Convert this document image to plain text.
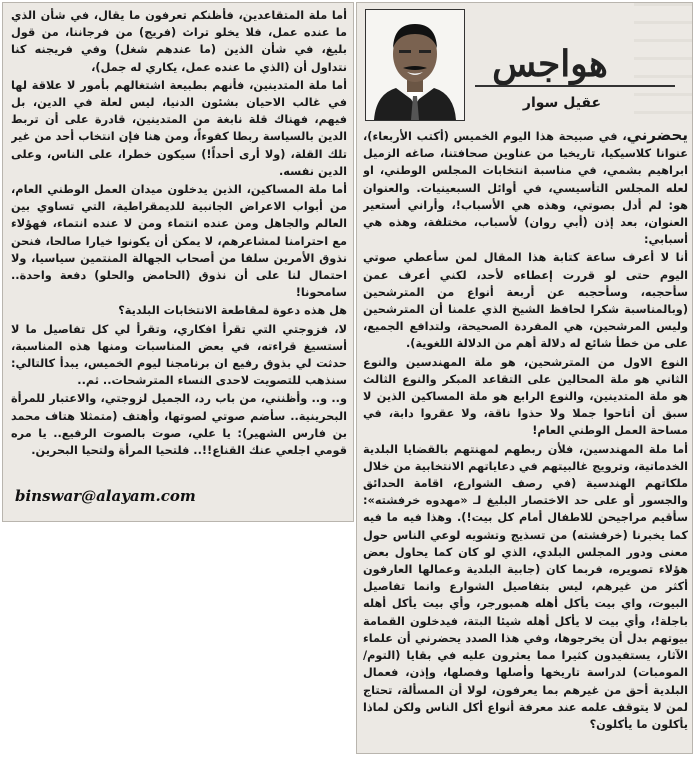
أما ملة المتقاعدين، فأظنكم تعرفون ما يقال، في شأن الذي ما عنده عمل، فلا يخلو تراث (فريج) من فرجاننا، من قول بليغ، في شأن الذين (ما عندهم شغل) وفي فريجنه كنا نتداول أن (الذي ما عنده عمل، يكاري له جمل)،

أما ملة المتدينين، فأنهم بطبيعة اشتغالهم بأمور لا علاقة لها في غالب الاحيان بشئون الدنيا، ليس لعلة في الدين، بل فيهم، فهناك قلة نابغة من المتدينين، قادرة على أن تربط الدين بالسياسة ربطا كفوءاً، ومن هنا فإن انتخاب أحد من غير تلك القلة، (ولا أرى أحداً!) سيكون خطرا، على الناس، وعلى الدين نفسه.

أما ملة المساكين، الذين يدخلون ميدان العمل الوطني العام، من أبواب الاعراض الجانبية للديمقراطية، التي تساوي بين العالم والجاهل ومن عنده انتماء ومن لا عنده انتماء، فهؤلاء مع احترامنا لمشاعرهم، لا يمكن أن يكونوا خيارا صالحا، فنحن نذوق الأمرين سلفا من أصحاب الجهالة المنتمين سياسيا، ولا احتمال لنا على أن نذوق (الحامض والحلو) دفعة واحدة.. سامحونا!

هل هذه دعوة لمقاطعة الانتخابات البلدية؟

لا، فزوجتي التي تقرأ افكاري، وتقرأ لي كل تفاصيل ما لا أستسيغ قراءته، في بعض المناسبات ومنها هذه المناسبة، حدثت لي بذوق رفيع ان برنامجنا ليوم الخميس، يبدأ كالتالي: سنذهب للتصويت لاحدى النساء المترشحات.. ثم..

و.. و.. وأظنني، من باب رد، الجميل لزوجتي، والاعتبار للمرأة البحرينية.. سأضم صوتي لصوتها، وأهتف (متمثلا هتاف محمد بن فارس الشهير): يا علي، صوت بالصوت الرفيع.. يا مره قومي اجلعي عنك القناع!!.. فلتحيا المرأة ولتحيا البحرين.

binswar@alayam.com
هواجس
عقيل سوار

يحضرني، في صبيحة هذا اليوم الخميس (أكتب الأربعاء)، عنوانا كلاسيكيا، تاريخيا من عناوين صحافتنا، صاغه الزميل ابراهيم بشمي، في مناسبة انتخابات المجلس الوطني، او لعله المجلس التأسيسي، في أوائل السبعينيات. والعنوان هو: لم أدل بصوتي، وهذه هي الأسباب!، وأراني أستعير العنوان، بعد إذن (أبي روان) لأسباب، مختلفة، وهذه هي أسبابي:

أنا لا أعرف ساعة كتابة هذا المقال لمن سأعطي صوتي اليوم حتى لو قررت إعطاءه لأحد، لكني أعرف عمن سأحجبه، وسأحجبه عن أربعة أنواع من المترشحين (وبالمناسبة شكرا لحافظ الشيخ الذي علمنا أن المترشحين وليس المرشحين، هي المفردة الصحيحة، ولتدافع الجميع، على من خطأ شائع له دلالة أهم من الدلالة اللغوية).

النوع الاول من المترشحين، هو ملة المهندسين والنوع الثاني هو ملة المحالين على التقاعد المبكر والنوع الثالث هو ملة المتدينين، والنوع الرابع هو ملة المساكين الذين لا سبق أن أتاحوا جملا ولا حذوا ناقة، ولا عقروا دابة، في مساحة العمل الوطني العام!

أما ملة المهندسين، فلأن ربطهم لمهنتهم بالقضايا البلدية الخدماتية، وترويج غالبيتهم في دعاياتهم الانتخابية من خلال ملكاتهم الهندسية (في رصف الشوارع، اقامة الحدائق والجسور أو على حد الاختصار البليغ لـ «مهدوه خرفشته»: سأقيم مراجيحن للاطفال أمام كل بيت!). وهذا فيه ما فيه كما يخبرنا (خرفشته) من تسذيج وتشويه لوعي الناس حول معنى ودور المجلس البلدي، الذي لو كان كما يحاول بعض هؤلاء تصويره، فربما كان (جابية البلدية وعمالها العارفون أكثر من غيرهم، ليس بتفاصيل الشوارع وانما تفاصيل البيوت، واي بيت يأكل أهله همبورجر، وأي بيت يأكل أهله باجلة!، وأي بيت لا يأكل أهله شيئا البتة، فيدخلون القمامة بيوتهم بدل أن يخرجوها، وفي هذا الصدد يحضرني أن علماء الآثار، يستفيدون كثيرا مما يعثرون عليه في بقايا (التوم/ المومبات) لدراسة تاريخها وأصلها وفصلها، وإذن، فعمال البلدية أحق من غيرهم بما يعرفون، لولا أن المسألة، تحتاج لمن لا يتوقف علمه عند معرفة أنواع أكل الناس ولكن لماذا يأكلون ما يأكلون؟
